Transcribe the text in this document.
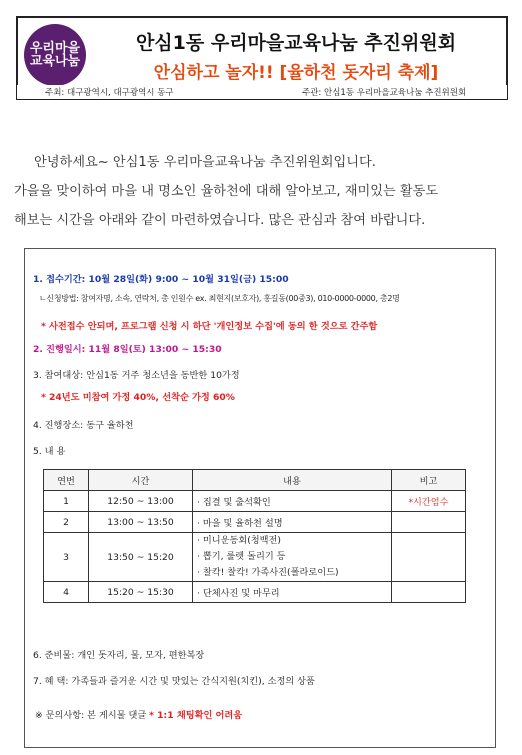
우리마을
교육나눔
안심1동 우리마을교육나눔 추진위원회
안심하고 놀자!! [율하천 돗자리 축제]
주최: 대구광역시, 대구광역시 동구	주관: 안심1동 우리마을교육나눔 추진위원회
안녕하세요~ 안심1동 우리마을교육나눔 추진위원회입니다.
가을을 맞이하여 마을 내 명소인 율하천에 대해 알아보고, 재미있는 활동도
해보는 시간을 아래와 같이 마련하였습니다. 많은 관심과 참여 바랍니다.
1. 접수기간: 10월 28일(화) 9:00 ~ 10월 31일(금) 15:00
ㄴ신청방법: 참여자명, 소속, 연락처, 총 인원수 ex. 최현지(보호자), 홍길동(00중3), 010-0000-0000, 총2명
* 사전접수 안되며, 프로그램 신청 시 하단 '개인정보 수집'에 동의 한 것으로 간주함
2. 진행일시: 11월 8일(토) 13:00 ~ 15:30
3. 참여대상: 안심1동 거주 청소년을 동반한 10가정
* 24년도 미참여 가정 40%, 선착순 가정 60%
4. 진행장소: 동구 율하천
5. 내 용
연번	시간	내용	비고
1	12:50 ~ 13:00	· 집결 및 출석확인	*시간엄수
2	13:00 ~ 13:50	· 마을 및 율하천 설명	
3	13:50 ~ 15:20	· 미니운동회(청백전)
· 뽑기, 룰렛 돌리기 등
· 찰칵! 찰칵! 가족사진(폴라로이드)	

4	15:20 ~ 15:30	· 단체사진 및 마무리	
6. 준비물: 개인 돗자리, 물, 모자, 편한복장
7. 혜 택: 가족들과 즐거운 시간 및 맛있는 간식지원(치킨), 소정의 상품
※ 문의사항: 본 게시물 댓글 * 1:1 채팅확인 어려움
